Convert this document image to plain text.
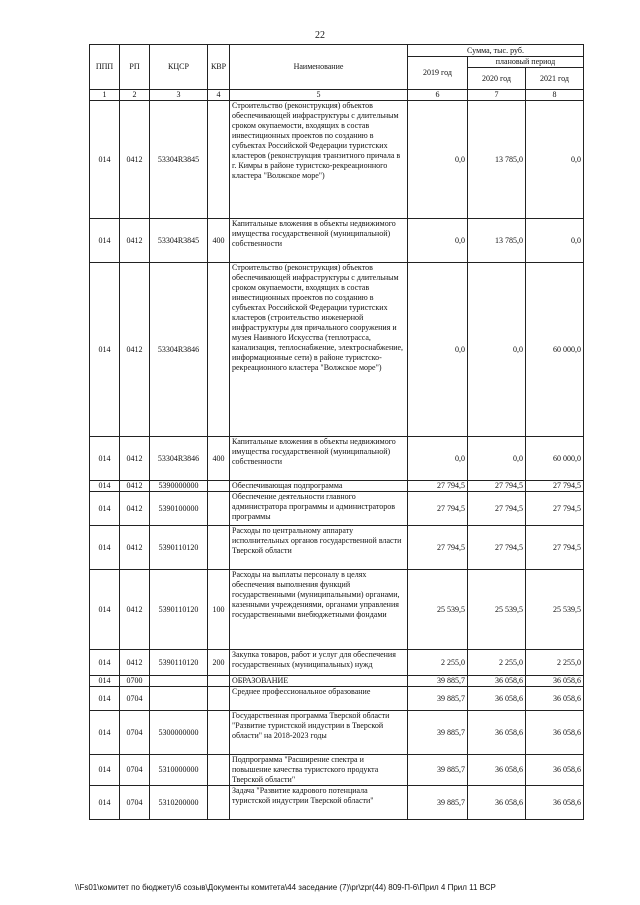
22
ППП	РП	КЦСР	КВР	Наименование	Сумма, тыс. руб.		
					2019 год	плановый период	
						2020 год	2021 год
1	2	3	4	5	6	7	8
014	0412	53304R3845		Строительство (реконструкция) объектов обеспечивающей инфраструктуры с длительным сроком окупаемости, входящих в состав инвестиционных проектов по созданию в субъектах Российской Федерации туристских кластеров (реконструкция транзитного причала в г. Кимры в районе туристско-рекреационного кластера "Волжское море")	0,0	13 785,0	0,0
014	0412	53304R3845	400	Капитальные вложения в объекты недвижимого имущества государственной (муниципальной) собственности	0,0	13 785,0	0,0
014	0412	53304R3846		Строительство (реконструкция) объектов обеспечивающей инфраструктуры с длительным сроком окупаемости, входящих в состав инвестиционных проектов по созданию в субъектах Российской Федерации туристских кластеров (строительство инженерной инфраструктуры для причального сооружения и музея Наивного Искусства (теплотрасса, канализация, теплоснабжение, электроснабжение, информационные сети) в районе туристско-рекреационного кластера "Волжское море")	0,0	0,0	60 000,0
014	0412	53304R3846	400	Капитальные вложения в объекты недвижимого имущества государственной (муниципальной) собственности	0,0	0,0	60 000,0
014	0412	5390000000		Обеспечивающая подпрограмма	27 794,5	27 794,5	27 794,5
014	0412	5390100000		Обеспечение деятельности главного администратора программы и администраторов программы	27 794,5	27 794,5	27 794,5
014	0412	5390110120		Расходы по центральному аппарату исполнительных органов государственной власти Тверской области	27 794,5	27 794,5	27 794,5
014	0412	5390110120	100	Расходы на выплаты персоналу в целях обеспечения выполнения функций государственными (муниципальными) органами, казенными учреждениями, органами управления государственными внебюджетными фондами	25 539,5	25 539,5	25 539,5
014	0412	5390110120	200	Закупка товаров, работ и услуг для обеспечения государственных (муниципальных) нужд	2 255,0	2 255,0	2 255,0
014	0700			ОБРАЗОВАНИЕ	39 885,7	36 058,6	36 058,6
014	0704			Среднее профессиональное образование	39 885,7	36 058,6	36 058,6
014	0704	5300000000		Государственная программа Тверской области "Развитие туристской индустрии в Тверской области" на 2018-2023 годы	39 885,7	36 058,6	36 058,6
014	0704	5310000000		Подпрограмма "Расширение спектра и повышение качества туристского продукта Тверской области"	39 885,7	36 058,6	36 058,6
014	0704	5310200000		Задача "Развитие кадрового потенциала туристской индустрии Тверской области"	39 885,7	36 058,6	36 058,6
\\Fs01\комитет по бюджету\6 созыв\Документы комитета\44 заседание (7)\pr\zpr(44) 809-П-6\Прил 4 Прил 11 ВСР
